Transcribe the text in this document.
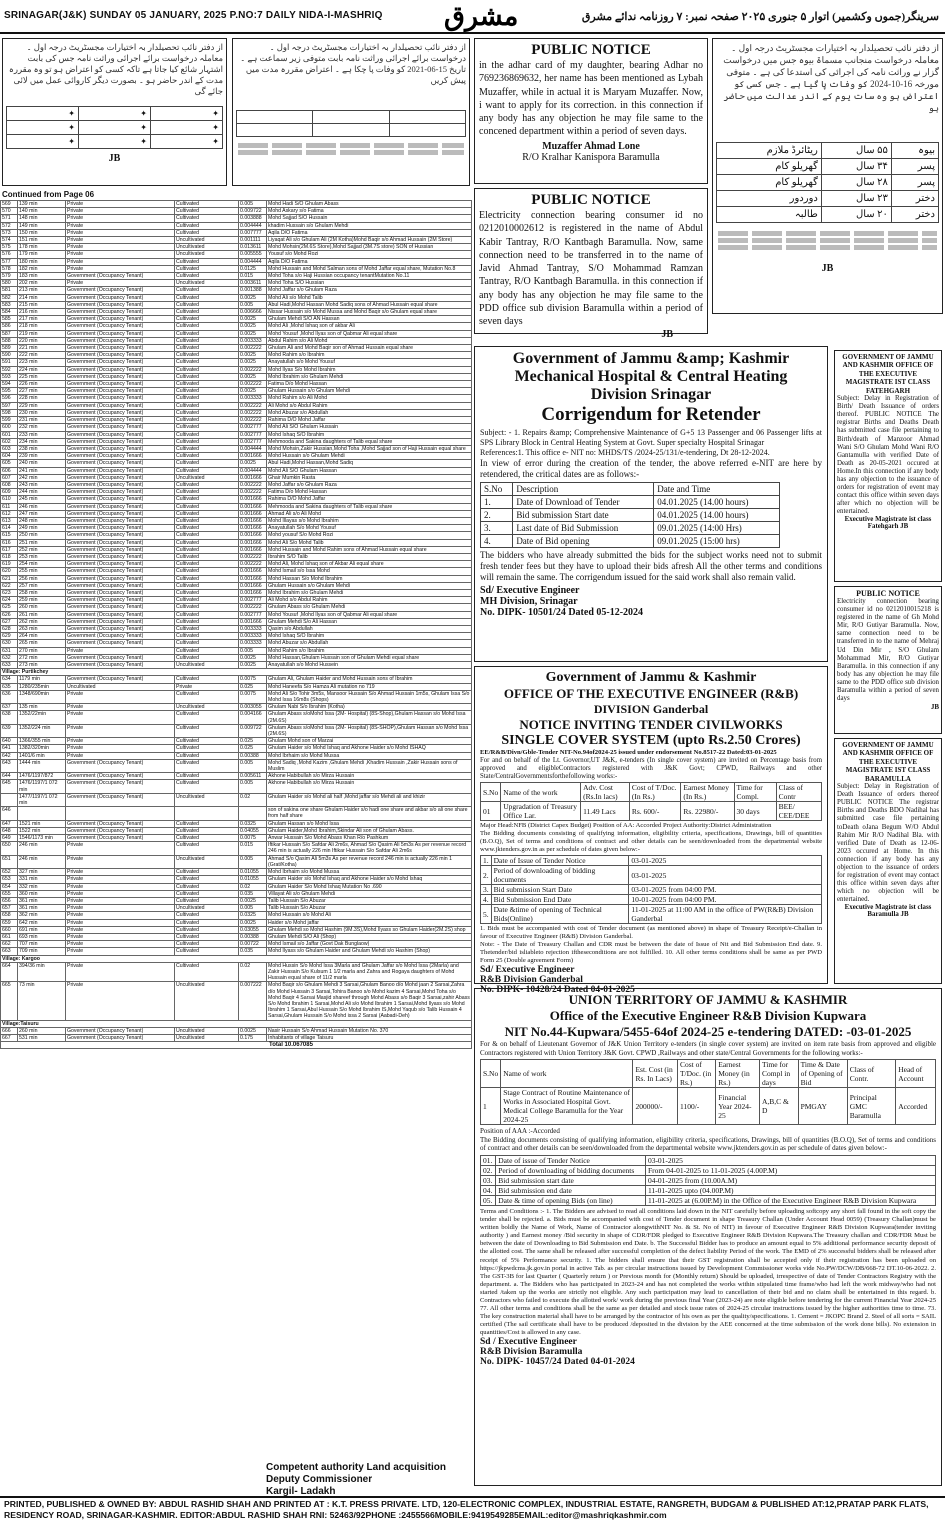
SRINAGAR(J&K) SUNDAY 05 JANUARY, 2025 P.NO:7 DAILY NIDA-I-MASHRIQ مشرق	سرینگر(جموں وکشمیر) اتوار ۵ جنوری ۲۰۲۵ صفحہ نمبر: ۷ روزنامہ ندائے مشرق
از دفتر نائب تحصیلدار بہ اختیارات مجسٹریٹ درجہ اول ۔ معاملہ درخواست برائے اجرائی وراثت نامہ جس کی بابت اشتہار شائع کیا جاتا ہے تاکہ کسی کو اعتراض ہو تو وہ مقررہ مدت کے اندر حاضر ہو ۔ بصورت دیگر کاروائی عمل میں لائی جائے گی
✦	✦	✦
✦	✦	✦
✦	✦	✦
JB
از دفتر نائب تحصیلدار بہ اختیارات مجسٹریٹ درجہ اول ۔ درخواست برائے اجرائی وراثت نامہ بابت متوفی زیر سماعت ہے ۔ تاریخ 15-06-2021 کو وفات پا چکا ہے ۔ اعتراض مقررہ مدت میں پیش کریں

از دفتر نائب تحصیلدار بہ اختیارات مجسٹریٹ درجہ اول ۔ معاملہ درخواست منجانب مسماۃ بیوہ جس میں درخواست گزار نے وراثت نامہ کی اجرائی کی استدعا کی ہے ۔ متوفی مورخہ 16-10-2024 کو وفات پا گیا ہے ۔ جس کسی کو اعتراض ہو وہ سات یوم کے اندر عدالت میں حاضر ہو
بیوہ	۵۵ سال	ریٹائرڈ ملازم
پسر	۳۴ سال	گھریلو کام
پسر	۲۸ سال	گھریلو کام
دختر	۲۳ سال	دوردور
دختر	۲۰ سال	طالبہ
JB
PUBLIC NOTICE
in the adhar card of my daughter, bearing Adhar no 769236869632, her name has been mentioned as Lybah Muzaffer, while in actual it is Maryam Muzaffer. Now, i want to apply for its correction. in this connection if any body has any objection he may file same to the concened department within a period of seven days.
Muzaffer Ahmad Lone
R/O Kralhar Kanispora Baramulla
PUBLIC NOTICE
Electricity connection bearing consumer id no 0212010002612 is registered in the name of Abdul Kabir Tantray, R/O Kantbagh Baramulla. Now, same connection need to be transferred in to the name of Javid Ahmad Tantray, S/O Mohammad Ramzan Tantray, R/O Kantbagh Baramulla. in this connection if any body has any objection he may file same to the PDD office sub division Baramulla within a period of seven days
JB
Continued from Page 06
569	139 min	Private	Cultivated	0.005	Mohd Hadi S/O Ghulam Abass
570	140 min	Private	Cultivated	0.009722	Mohd Askary s/o Fatima
571	148 min	Private	Cultivated	0.003888	Mohd Sajjad S/O Hussain
572	149 min	Private	Cultivated	0.004444	khadim Hussain s/o Ghulam Mehdi
573	150 min	Private	Cultivated	0.007777	Aqila D/O Fatima
574	151 min	Private	Uncultivated	0.001111	Liyaqat Ali s/o Ghulam Ali (2M Kotha)Mohd Baqir s/o Ahmad Hussain (2M Store)
575	178 min	Private	Uncultivated	0.013611	Mohd Mohsin(2M.6S Store),Mohd Sajjad (3M.7S store) SON of Hussian
576	179 min	Private	Uncultivated	0.005555	Yousuf s/o Mohd Rozi
577	180 min	Private	Cultivated	0.004444	Aqila D/O Fatima
578	182 min	Private	Cultivated	0.0125	Mohd Hussain and Mohd Salman sons of Mohd Jaffar equal share, Mutation No.8
579	183 min	Government (Occupancy Tenant)	Cultivated	0.015	Mohd Toha s/o Haji Hussian occupancy tenantMutation No.11
580	202 min	Private	Uncultivated	0.003611	Mohd Toha S/O Hussian
581	213 min	Government (Occupancy Tenant)	Cultivated	0.001388	Mohd Jaffar s/o Ghulam Raza
582	214 min	Government (Occupancy Tenant)	Cultivated	0.0025	Mohd Ali s/o Mohd Talib
583	215 min	Government (Occupancy Tenant)	Cultivated	0.005	Abul Hadi,Mohd Hassan Mohd Sadiq sons of Ahmad Hussain equal share
584	216 min	Government (Occupancy Tenant)	Cultivated	0.006666	Nissar Hussain s/o Mohd Mussa and Mohd Baqir s/o Ghulam equal share
585	217 min	Government (Occupancy Tenant)	Cultivated	0.0025	Ghulam Mehdi S/O AN Hassan
586	218 min	Government (Occupancy Tenant)	Cultivated	0.0025	Mohd Ali ,Mohd Ishaq son of akbar Ali
587	219 min	Government (Occupancy Tenant)	Cultivated	0.0025	Mohd Yousuf ,Mohd Ilyas son of Qabmar Ali equal share
588	220 min	Government (Occupancy Tenant)	Cultivated	0.003333	Abdul Rahim s/o Ali Mohd
589	221 min	Government (Occupancy Tenant)	Cultivated	0.002222	Ghulam Ali and Mohd Baqir son of Ahmad Hussain equal share
590	222 min	Government (Occupancy Tenant)	Cultivated	0.0025	Mohd Rahim s/o Ibrahim
591	223 min	Government (Occupancy Tenant)	Cultivated	0.0025	Anayatullah s/o Mohd Yousuf
592	224 min	Government (Occupancy Tenant)	Cultivated	0.002222	Mohd Ilyas S/o Mohd Ibrahim
593	225 min	Government (Occupancy Tenant)	Cultivated	0.0025	Mohd Ibrahim s/o Ghulam Mehdi
594	226 min	Government (Occupancy Tenant)	Cultivated	0.002222	Fatima D/o Mohd Hassan
595	227 min	Government (Occupancy Tenant)	Cultivated	0.0025	Ghulam Hussain s/o Ghulam Mehdi
596	228 min	Government (Occupancy Tenant)	Cultivated	0.003333	Mohd Rahim s/o Ali Mohd
597	229 min	Government (Occupancy Tenant)	Cultivated	0.002222	Ali Mohd s/o Abdul Rahim
598	230 min	Government (Occupancy Tenant)	Cultivated	0.002222	Mohd Abuzar s/o Abdullah
599	231 min	Government (Occupancy Tenant)	Cultivated	0.002222	Rahima D/O Mohd Jaffar
600	232 min	Government (Occupancy Tenant)	Cultivated	0.002777	Mohd Ali S/O Ghulam Hussain
601	233 min	Government (Occupancy Tenant)	Cultivated	0.002777	Mohd Ishaq S/O Ibrahim
602	234 min	Government (Occupancy Tenant)	Cultivated	0.002777	Mehmooda and Sakina daughters of Talib equal share
603	238 min	Government (Occupancy Tenant)	Cultivated	0.004444	Mohd Mohsin,Zakir Hussian,Mohd Toha ,Mohd Sajjad son of Haji Hussain equal share
604	239 min	Government (Occupancy Tenant)	Cultivated	0.001666	Mohd Hussain s/o Ghulam Mehdi
605	240 min	Government (Occupancy Tenant)	Cultivated	0.0025	Abul Hadi,Mohd Hassan,Mohd Sadiq
606	241 min	Government (Occupancy Tenant)	Cultivated	0.004444	Mohd Ali S/O Ghulam Hassan
607	242 min	Government (Occupancy Tenant)	Uncultivated	0.001666	Ghair Mumkin Rasta
608	243 min	Government (Occupancy Tenant)	Cultivated	0.002222	Mohd Jaffar s/o Ghulam Raza
609	244 min	Government (Occupancy Tenant)	Cultivated	0.002222	Fatima D/o Mohd Hassan
610	245 min	Government (Occupancy Tenant)	Cultivated	0.001666	Rahima D/O Mohd Jaffar
611	246 min	Government (Occupancy Tenant)	Cultivated	0.001666	Mehmooda and Sakina daughters of Talib equal share
612	247 min	Government (Occupancy Tenant)	Cultivated	0.001666	Ahmad Ali s/o Ali Mohd
613	248 min	Government (Occupancy Tenant)	Cultivated	0.001666	Mohd Illayas s/o Mohd Ibrahim
614	249 min	Government (Occupancy Tenant)	Cultivated	0.001666	Anayatullah S/o Mohd Yousuf
615	250 min	Government (Occupancy Tenant)	Cultivated	0.001666	Mohd yousuf S/o Mohd Rozi
616	251 min	Government (Occupancy Tenant)	Cultivated	0.001666	Mohd Ali S/o Mohd Talib
617	252 min	Government (Occupancy Tenant)	Cultivated	0.001666	Mohd Hussain and Mohd Rahim sons of Ahmad Hussain equal share
618	253 min	Government (Occupancy Tenant)	Cultivated	0.002222	Ibrahim S/O Talib
619	254 min	Government (Occupancy Tenant)	Cultivated	0.002222	Mohd Ali, Mohd Ishaq son of Akbar Ali equal share
620	255 min	Government (Occupancy Tenant)	Cultivated	0.001666	Mohd Ismail s/o Issa Mohd
621	256 min	Government (Occupancy Tenant)	Cultivated	0.001666	Mohd Hassan S/o Mohd Ibrahim
622	257 min	Government (Occupancy Tenant)	Cultivated	0.001666	Ghulam Hussain s/o Ghulam Mehdi
623	258 min	Government (Occupancy Tenant)	Cultivated	0.001666	Mohd Ibrahim s/o Ghulam Mehdi
624	259 min	Government (Occupancy Tenant)	Cultivated	0.002777	Ali Mohd s/o Abdul Rahim
625	260 min	Government (Occupancy Tenant)	Cultivated	0.002222	Ghulam Abass s/o Ghulam Mehdi
626	261 min	Government (Occupancy Tenant)	Cultivated	0.002777	Mohd Yousuf ,Mohd Ilyas son of Qabmar Ali equal share
627	262 min	Government (Occupancy Tenant)	Cultivated	0.001666	Ghulam Mehdi S/o Ali Hassan
628	263 min	Government (Occupancy Tenant)	Cultivated	0.003333	Qasim s/o Abdullah
629	264 min	Government (Occupancy Tenant)	Cultivated	0.003333	Mohd Ishaq S/O Ibrahim
630	265 min	Government (Occupancy Tenant)	Cultivated	0.003333	Mohd Abuzar s/o Abdullah
631	270 min	Private	Cultivated	0.005	Mohd Rahim s/o Ibrahim
632	272 min	Government (Occupancy Tenant)	Cultivated	0.0025	Mohd Hassan,Ghulam Hussain son of Ghulam Mehdi equal share
633	273 min	Government (Occupancy Tenant)	Uncultivated	0.0025	Anayatullah s/o Mohd Hussein
Village: Purtikchey					
634	1179 min	Government (Occupancy Tenant)	Cultivated	0.0075	Ghulam Ali, Ghulam Haider and Mohd Hussain sons of Ibrahim
635	1280/235min	Uncultivated	Private	0.025	Mohd Haneefa S/o Hamza Ali mutation no 719
636	1348/690min	Private	Cultivated	0.0075	Mohd Ali S/o Tohir 3m5s, Mansoor Hussain S/o Ahmad Hussain 1m5s, Ghulam Issa S/o Mohd Issa 16m8s (Shops)
637	135 min	Private	Uncultivated	0.003055	Ghulam Nabi S/o Ibrahim (Kotha)
638	1352/22min	Private	Cultivated	0.004166	Ghulam Abass s/oMohd Issa (2M- Hospital) (8S-Shop),Ghulam Hassan s/o Mohd Issa (2M.6S)
639	1352/224 min	Private	Cultivated	0.009722	Ghulam Abass s/oMohd Issa (2M- Hospital) (8S-SHOP),Ghulam Hassan s/o Mohd Issa (2M.6S)
640	1366/355 min	Private	Cultivated	0.025	Ghulam Mohd son of Marzai
641	1382/320min	Private	Cultivated	0.025	Ghulam Haider s/o Mohd Ishaq and Akhone Haider s/o Mohd ISHAQ
642	1401/6 min	Private	Cultivated	0.00388	Mohd Ibrhaim s/o Mohd Mussa
643	1444 min	Government (Occupancy Tenant)	Cultivated	0.005	Mohd Sadiq ,Mohd Kazim ,Ghulam Mehdi ,Khadim Hussain ,Zakir Hussain sons of Muslim
644	1476/1197/872	Government (Occupancy Tenant)	Cultivated	0.005611	Akhone Habibullah s/o Mirza Hussain
645	1476/1197/1 072 min	Government (Occupancy Tenant)	Cultivated	0.005	Akhone Habibullah s/o Mirza Hussain
	1477/1197/1 072 min	Government (Occupancy Tenant)	Uncultivated	0.02	Ghulam Haider s/o Mohd ali half ,Mohd jaffar s/o Mehdi ali and khizir
646					son of sakina one share Ghulam Haider s/o hadi one share and akbar s/o ali one share from half share
647	1521 min	Government (Occupancy Tenant)	Cultivated	0.0325	Ghulam Hassan s/o Mohd Issa
648	1522 min	Government (Occupancy Tenant)	Cultivated	0.04055	Ghulam Haider,Mohd Ibrahim,Skindar Ali son of Ghulam Abass.
649	1546/1173 min	Government (Occupancy Tenant)	Cultivated	0.0075	Anwar Hussain S/o Mohd Abass Khan R/o Pashkum
650	246 min	Private	Cultivated	0.015	Iftikar Hussain S/o Safdar Ali 2m6s, Ahmad S/o Qasim Ali 5m3s As per revenue record 246 min is actually 226 min Iftikar Hussain S/o Safdar Ali 2m6s
651	246 min	Private	Uncultivated	0.005	Ahmad S/o Qasim Ali 5m3s As per revenue record 246 min is actually 226 min 1 (Grat/Kotha)
652	327 min	Private	Cultivated	0.01055	Mohd Ibrhaim s/o Mohd Mussa
653	331 min	Private	Cultivated	0.01055	Ghulam Haider s/o Mohd Ishaq and Akhone Haider s/o Mohd Ishaq
654	332 min	Private	Cultivated	0.02	Ghulam Haider S/o Mohd Ishaq Mutation No .690
655	360 min	Private	Cultivated	0.035	Villayat Ali s/o Ghulam Mehdi
656	361 min	Private	Cultivated	0.0025	Talib Hussain S/o Abuzar
657	361 min	Private	Uncultivated	0.005	Talib Hussain S/o Abuzar
658	362 min	Private	Cultivated	0.0325	Mohd Hussain s/o Mohd Ali
659	642 min	Private	Cultivated	0.0025	Haider s/o Mohd jaffar
660	691 min	Private	Cultivated	0.03055	Ghulam Mehdi so Mohd Hashim (9M.3S),Mohd Ilyass so Ghulam Haider(2M.2S) shop
661	693 min	Private	Cultivated	0.00388	Ghulam Mehdi S/O Ali (Shop)
662	707 min	Private	Cultivated	0.00722	Mohd Ismail s/o Jaffar (Govt Dak Bunglaow)
663	709 min	Private	Cultivated	0.035	Mohd Ilyass s/o Ghulam Haider and Ghulam Mehdi s/o Hashim (Shop)
Village: Kargoo					
664	394/36 min	Private	Cultivated	0.02	Mohd Hussin S/o Mohd Issa 3Marla and Ghulam Jaffar s/o Mohd Issa (2Marla) and Zakir Hussain S/o Kulsum 1 1/2 marla and Zahra and Rogaya daughters of Mohd Hussain equal share of 11/2 marla
665	73 min	Private	Uncultivated	0.007222	Mohd Baqir s/o Ghulam Mehdi 3 Sarsai,Ghulam Banoo d/o Mohd jaan 2 Sarsai,Zahra d/o Mohd Hussain 3 Sarsai,Tohira Banoo s/o Mohd kazim 4 Sarsai,Mohd Toha s/o Mohd Baqir 4 Sarsai Masjid shareef through Mohd Abass s/o Baqir 3 Sarsai,zahir Abass S/o Mohd Ibrahim 1 Sarsai,Mohd Ali s/o Mohd Ibrahim 1 Sarsai,Mohd Ilyass s/o Mohd Ibrahim 1 Sarsai,Abul Hussain S/o Mohd Ibrahim IS,Mohd Yaqub s/o Talib Hussain 4 Sarsai,Ghulam Hussain S/o Mohd issa 2 Sarsai (Aabadi-Deh)
Village:Taisuru					
666	260 min	Government (Occupancy Tenant)	Uncultivated	0.0025	Nasir Hussain S/o Ahmad Hussain Mutation No. 370
667	531 min	Government (Occupancy Tenant)	Uncultivated	0.175	Inhabitants of village Taisuru
Total 10.067085
Competent authority Land acquisition
Deputy Commissioner
Kargil- Ladakh
Government of Jammu &amp; Kashmir
Mechanical Hospital & Central Heating
Division Srinagar
Corrigendum for Retender
Subject: - 1. Repairs &amp; Comprehensive Maintenance of G+5 13 Passenger and 06 Passenger lifts at SPS Library Block in Central Heating System at Govt. Super specialty Hospital Srinagar
References:1. This office e- NIT no: MHDS/TS /2024-25/131/e-tendering, Dt 28-12-2024.
In view of error during the creation of the tender, the above referred e-NIT are here by retendered, the critical dates are as follows:-
S.No	Description	Date and Time
1.	Date of Download of Tender	04.01.2025 (14.00 hours)
2.	Bid submission Start date	04.01.2025 (14.00 hours)
3.	Last date of Bid Submission	09.01.2025 (14:00 Hrs)
4.	Date of Bid opening	09.01.2025 (15:00 hrs)
The bidders who have already submitted the bids for the subject works need not to submit fresh tender fees but they have to upload their bids afresh All the other terms and conditions will remain the same. The corrigendum issued for the said work shall also remain valid.
Sd/ Executive Engineer
MH Division, Srinagar
No. DIPK- 10501/24 Dated 05-12-2024
Government of Jammu & Kashmir
OFFICE OF THE EXECUTIVE ENGINEER (R&B)
DIVISION Ganderbal
NOTICE INVITING TENDER CIVILWORKS
SINGLE COVER SYSTEM (upto Rs.2.50 Crores)
EE/R&B/Divn/Gble-Tender NIT-No.94of2024-25 issued under endorsement No.8517-22 Dated:03-01-2025
For and on behalf of the Lt. Governor,UT J&K, e-tenders (In single cover system) are invited on Percentage basis from approved and eligibleContractors registered with J&K Govt; CPWD, Railways and other State/CentralGovernmentsforthefollowing works:-
S.No	Name of the work	Adv. Cost (Rs.In lacs)	Cost of T/Doc. (In Rs.)	Earnest Money (In Rs.)	Time for Compl.	Class of Contr
01	Upgradation of Treasury Office Lar.	11.49 Lacs	Rs. 600/-	Rs. 22980/-	30 days	BEE/ CEE/DEE
Major Head:NFB (District Capex Budget) Position of AA: Accorded Project Authority:District Administration
The Bidding documents consisting of qualifying information, eligibility criteria, specifications, Drawings, bill of quantities (B.O.Q), Set of terms and conditions of contract and other details can be seen/downloaded from the departmental website www.jktenders.gov.in as per schedule of dates given below:-
1.	Date of Issue of Tender Notice	03-01-2025
2.	Period of downloading of bidding documents	03-01-2025
3.	Bid submission Start Date	03-01-2025 from 04:00 PM.
4.	Bid Submission End Date	10-01-2025 from 04:00 PM.
5.	Date &time of opening of Technical Bids(Online)	11-01-2025 at 11:00 AM in the office of PW(R&B) Division Ganderbal
1. Bids must be accompanied with cost of Tender document (as mentioned above) in shape of Treasury Receipt/e-Challan in favour of Executive Engineer (R&B) Division Ganderbal.
Note: - The Date of Treasury Challan and CDR must be between the date of Issue of Nit and Bid Submission End date. 9. Thetender/bid isliableto rejection iftheseconditions are not fulfilled. 10. All other terms conditions shall be same as per PWD Form 25 (Double agreement Form)
Sd/ Executive Engineer
R&B Division Ganderbal
No. DIPK- 10428/24 Dated 04-01-2025
UNION TERRITORY OF JAMMU & KASHMIR
Office of the Executive Engineer R&B Division Kupwara
NIT No.44-Kupwara/5455-64of 2024-25 e-tendering DATED: -03-01-2025
For & on behalf of Lieutenant Governor of J&K Union Territory e-tenders (in single cover system) are invited on item rate basis from approved and eligible Contractors registered with Union Territory J&K Govt. CPWD ,Railways and other state/Central Governments for the following works:-
S.No	Name of work	Est. Cost (in Rs. In Lacs)	Cost of T/Doc. (in Rs.)	Earnest Money (in Rs.)	Time for Compl in days	Time & Date of Opening of Bid	Class of Contr.	Head of Account
1	Stage Contract of Routine Maintenance of Works in Associated Hospital Govt. Medical College Baramulla for the Year 2024-25	200000/-	1100/-	Financial Year 2024-25	A,B,C & D	PMGAY	Principal GMC Baramulla	Accorded
Position of AAA :-Accorded
The Bidding documents consisting of qualifying information, eligibility criteria, specifications, Drawings, bill of quantities (B.O.Q), Set of terms and conditions of contract and other details can be seen/downloaded from the departmental website www.jktenders.gov.in as per schedule of dates given below:-
01.	Date of issue of Tender Notice	03-01-2025
02.	Period of downloading of bidding documents	From 04-01-2025 to 11-01-2025 (4.00P.M)
03.	Bid submission start date	04-01-2025 from (10.00A.M)
04.	Bid submission end date	11-01-2025 upto (04.00P.M)
05.	Date & time of opening Bids (on line)	11-01-2025 at (6.00P.M) in the Office of the Executive Engineer R&B Division Kupwara
Terms and Conditions :- 1. The Bidders are advised to read all conditions laid down in the NIT carefully before uploading softcopy any short fall found in the soft copy the tender shall be rejected. a. Bids must be accompanied with cost of Tender document in shape Treasury Challan (Under Account Head 0059) (Treasury Challan)must be written boldly the Name of Work, Name of Contractor alongwithNIT No. & St. No of NIT) in favour of Executive Engineer R&B Division Kupwara(tender inviting authority ) and Earnest money /Bid security in shape of CDR/FDR pledged to Executive Engineer R&B Division Kupwara.The Treasury challan and CDR/FDR Must be between the date of Downloading to Bid Submission end Date. b. The Successful Bidder has to produce an amount equal to 5% additional performance security deposit of the allotted cost. The same shall be released after successful completion of the defect liability Period of the work. The EMD of 2% successful bidders shall be released after receipt of 5% Performance security. 1. The bidders shall ensure that their GST registration shall be accepted only if their registration has been uploaded on https://jkpwdcms.jk.gov.in portal in active Tab. as per circular instructions issued by Development Commissioner works vide No.PW/DCW/DB/668-72 DT.10-06-2022. 2. The GST-3B for last Quarter ( Quarterly return ) or Previous month for (Monthly return) Should be uploaded, irrespective of date of Tender Contractors Registry with the department. a. The Bidders who has participated in 2023-24 and has not completed the works within stipulated time frame/who had left the work midway/who had not started /taken up the works are strictly not eligible. Any such participation may lead to cancellation of their bid and no claim shall be entertained in this regard. b. Contractors who failed to execute the allotted work/ work during the previous final Year (2023-24) are note eligible before tendering for the current Financial Year 2024-25 77. All other terms and conditions shall be the same as per detailed and stock issue rates of 2024-25 circular instructions issued by the higher authorities time to time. 73. The key construction material shall have to be arranged by the contractor of his own as per the quality/specifications. 1. Cement = JKOPC Brand 2. Steel of all sorts = SAIL certified (The sail certificate shall have to be produced /deposited in the division by the AEE concerned at the time submission of the work done bills). No extension in quantities/Cost is allowed in any case.
Sd / Executive Engineer
R&B Division Baramulla
No. DIPK- 10457/24 Dated 04-01-2024
GOVERNMENT OF JAMMU AND KASHMIR OFFICE OF THE EXECUTIVE MAGISTRATE IST CLASS FATEHGARH
Subject: Delay in Registration of Birth/ Death Issuance of orders thereof. PUBLIC NOTICE The registrar Births and Deaths Death has submitted case file pertaining to Birth/death of Manzoor Ahmad Wani S/O Ghulam Mohd Wani R/O Gantamulla with verified Date of Death as 20-05-2021 occured at Home.In this connection if any body has any objection to the issuance of orders for registration of event may contact this office within seven days after which no objection will be entertained.
Executive Magistrate ist class Fatehgarh JB
PUBLIC NOTICE
Electricity connection bearing consumer id no 0212010015218 is registered in the name of Gh Mohd Mir, R/O Gutiyar Baramulla. Now, same connection need to be transferred in to the name of Mehraj Ud Din Mir , S/O Ghulam Mohammad Mir, R/O Gutiyar Baramulla. in this connection if any body has any objection he may file same to the PDD office sub division Baramulla within a period of seven days
JB
GOVERNMENT OF JAMMU AND KASHMIR OFFICE OF THE EXECUTIVE MAGISTRATE IST CLASS BARAMULLA
Subject: Delay in Registration of Death Issuance of orders thereof PUBLIC NOTICE The registrar Births and Deaths BDO Nadihal has submitted case file pertaining toDeath oJana Begum W/O Abdul Rahim Mir R/O Nadihal Bla. with verified Date of Death as 12-06-2023 occured at Home. In this connection if any body has any objection to the issuance of orders for registration of event may contact this office within seven days after which no objection will be entertained.
Executive Magistrate ist class Baramulla JB
PRINTED, PUBLISHED & OWNED BY: ABDUL RASHID SHAH AND PRINTED AT : K.T. PRESS PRIVATE. LTD, 120-ELECTRONIC COMPLEX, INDUSTRIAL ESTATE, RANGRETH, BUDGAM & PUBLISHED AT:12,PRATAP PARK FLATS, RESIDENCY ROAD, SRINAGAR-KASHMIR. EDITOR:ABDUL RASHID SHAH RNI: 52463/92PHONE :2455566MOBILE:9419549285EMAIL:editor@mashriqkashmir.com
